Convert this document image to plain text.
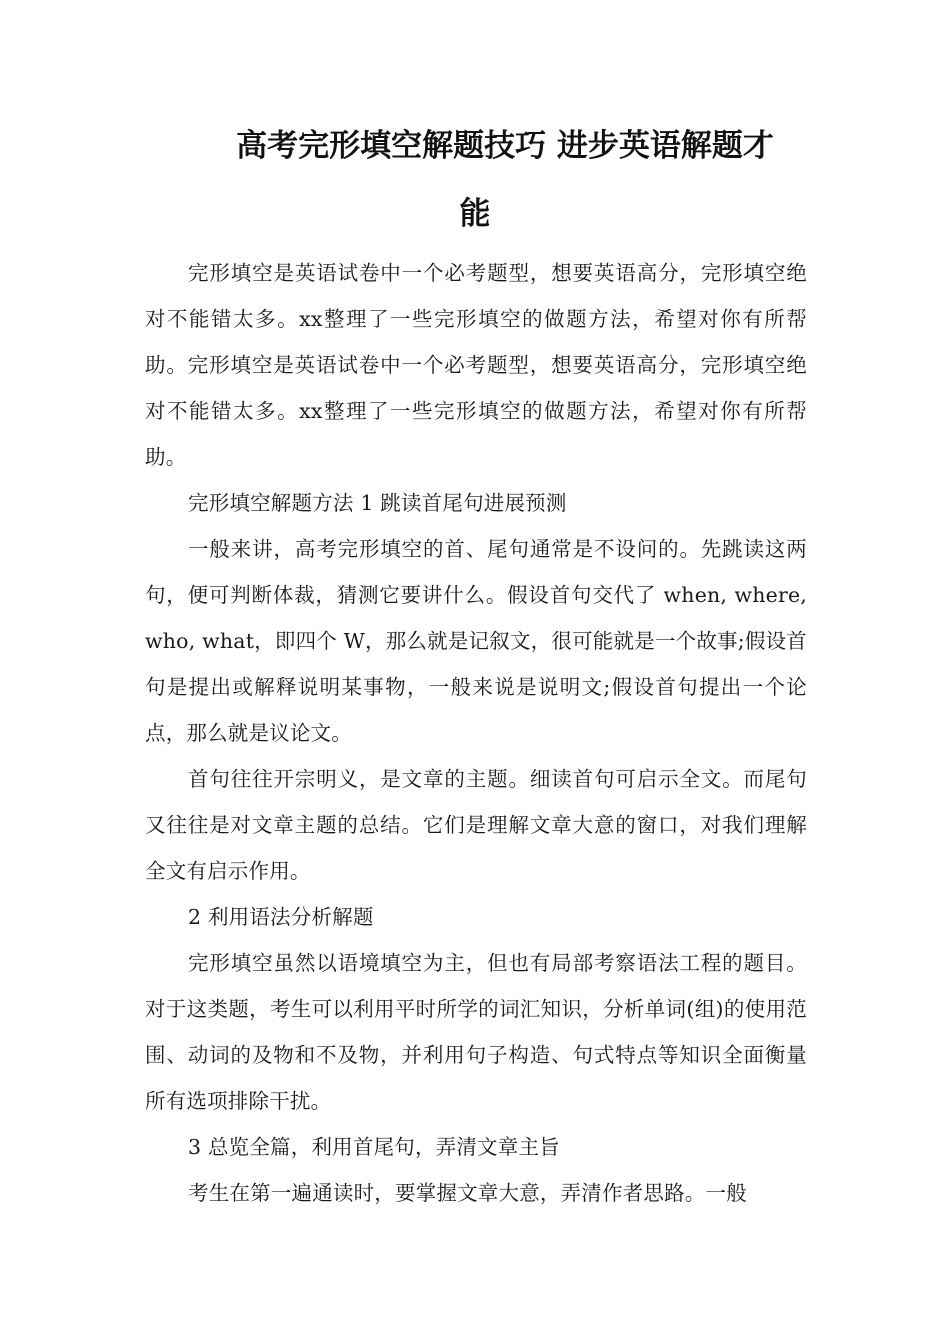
高考完形填空解题技巧 进步英语解题才
能

完形填空是英语试卷中一个必考题型，想要英语高分，完形填空绝对不能错太多。xx整理了一些完形填空的做题方法，希望对你有所帮助。完形填空是英语试卷中一个必考题型，想要英语高分，完形填空绝对不能错太多。xx整理了一些完形填空的做题方法，希望对你有所帮助。

完形填空解题方法 1 跳读首尾句进展预测

一般来讲，高考完形填空的首、尾句通常是不设问的。先跳读这两句，便可判断体裁，猜测它要讲什么。假设首句交代了 when, where, who, what，即四个 W，那么就是记叙文，很可能就是一个故事;假设首句是提出或解释说明某事物，一般来说是说明文;假设首句提出一个论点，那么就是议论文。

首句往往开宗明义，是文章的主题。细读首句可启示全文。而尾句又往往是对文章主题的总结。它们是理解文章大意的窗口，对我们理解全文有启示作用。

2 利用语法分析解题

完形填空虽然以语境填空为主，但也有局部考察语法工程的题目。对于这类题，考生可以利用平时所学的词汇知识，分析单词(组)的使用范围、动词的及物和不及物，并利用句子构造、句式特点等知识全面衡量所有选项排除干扰。

3 总览全篇，利用首尾句，弄清文章主旨

考生在第一遍通读时，要掌握文章大意，弄清作者思路。一般
